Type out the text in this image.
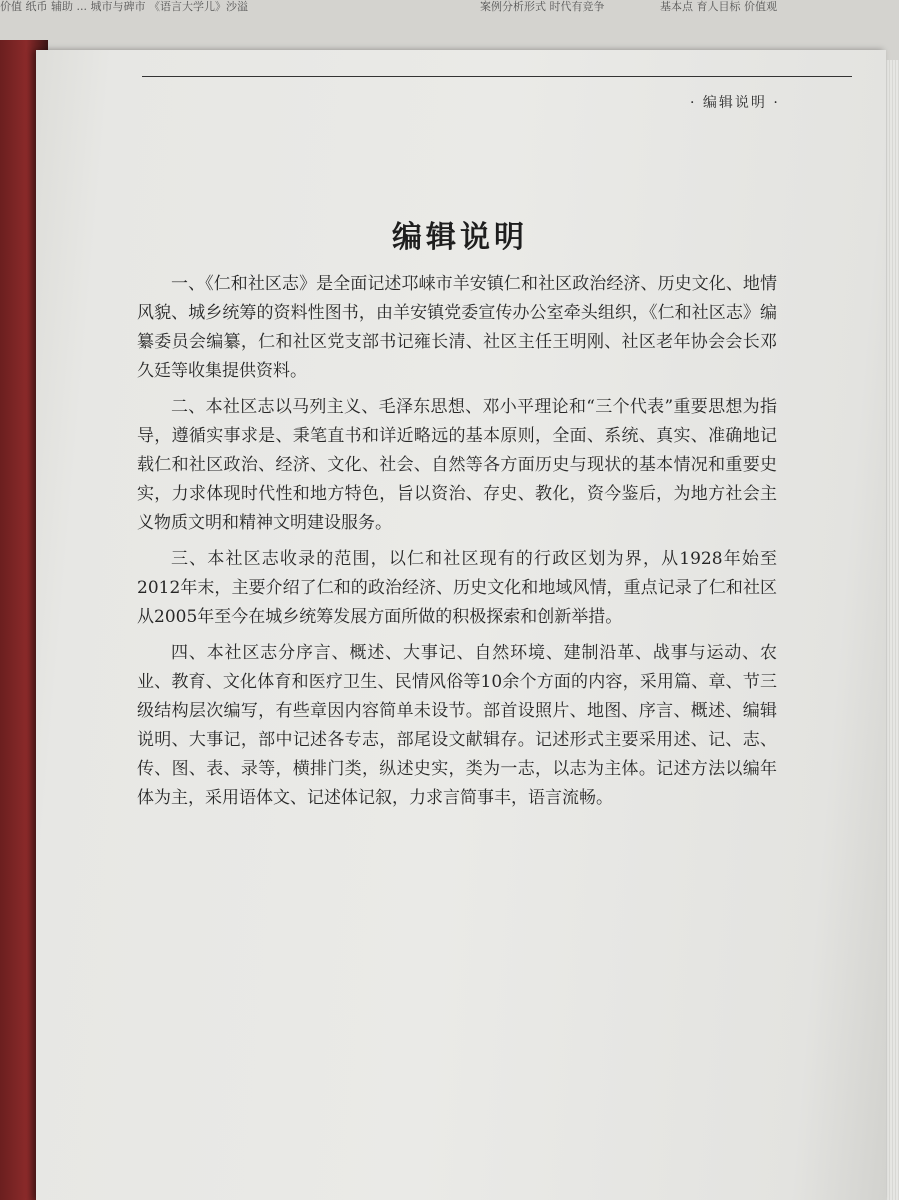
价值 纸币 辅助 ... 城市与碑市 《语言大学儿》沙溢	案例分析形式 时代有竞争	基本点 育人目标 价值观
· 编辑说明 ·
编辑说明

一、《仁和社区志》是全面记述邛崃市羊安镇仁和社区政治经济、历史文化、地情风貌、城乡统筹的资料性图书，由羊安镇党委宣传办公室牵头组织，《仁和社区志》编纂委员会编纂，仁和社区党支部书记雍长清、社区主任王明刚、社区老年协会会长邓久廷等收集提供资料。

二、本社区志以马列主义、毛泽东思想、邓小平理论和“三个代表”重要思想为指导，遵循实事求是、秉笔直书和详近略远的基本原则，全面、系统、真实、准确地记载仁和社区政治、经济、文化、社会、自然等各方面历史与现状的基本情况和重要史实，力求体现时代性和地方特色，旨以资治、存史、教化，资今鉴后，为地方社会主义物质文明和精神文明建设服务。

三、本社区志收录的范围，以仁和社区现有的行政区划为界，从1928年始至2012年末，主要介绍了仁和的政治经济、历史文化和地域风情，重点记录了仁和社区从2005年至今在城乡统筹发展方面所做的积极探索和创新举措。

四、本社区志分序言、概述、大事记、自然环境、建制沿革、战事与运动、农业、教育、文化体育和医疗卫生、民情风俗等10余个方面的内容，采用篇、章、节三级结构层次编写，有些章因内容简单未设节。部首设照片、地图、序言、概述、编辑说明、大事记，部中记述各专志，部尾设文献辑存。记述形式主要采用述、记、志、传、图、表、录等，横排门类，纵述史实，类为一志，以志为主体。记述方法以编年体为主，采用语体文、记述体记叙，力求言简事丰，语言流畅。
